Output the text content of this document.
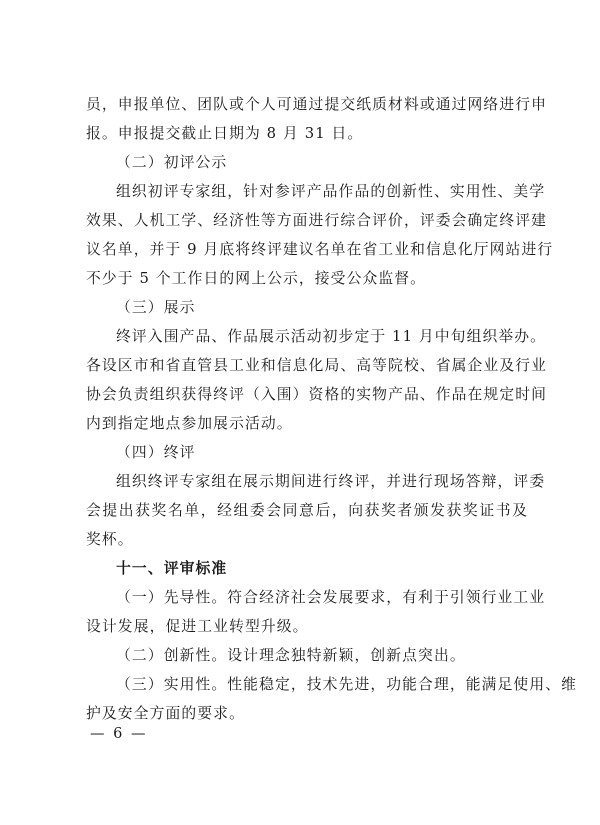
员，申报单位、团队或个人可通过提交纸质材料或通过网络进行申
报。申报提交截止日期为 8 月 31 日。
（二）初评公示
组织初评专家组，针对参评产品作品的创新性、实用性、美学
效果、人机工学、经济性等方面进行综合评价，评委会确定终评建
议名单，并于 9 月底将终评建议名单在省工业和信息化厅网站进行
不少于 5 个工作日的网上公示，接受公众监督。
（三）展示
终评入围产品、作品展示活动初步定于 11 月中旬组织举办。
各设区市和省直管县工业和信息化局、高等院校、省属企业及行业
协会负责组织获得终评（入围）资格的实物产品、作品在规定时间
内到指定地点参加展示活动。
（四）终评
组织终评专家组在展示期间进行终评，并进行现场答辩，评委
会提出获奖名单，经组委会同意后，向获奖者颁发获奖证书及
奖杯。
十一、评审标准
（一）先导性。符合经济社会发展要求，有利于引领行业工业
设计发展，促进工业转型升级。
（二）创新性。设计理念独特新颖，创新点突出。
（三）实用性。性能稳定，技术先进，功能合理，能满足使用、维
护及安全方面的要求。
— 6 —
